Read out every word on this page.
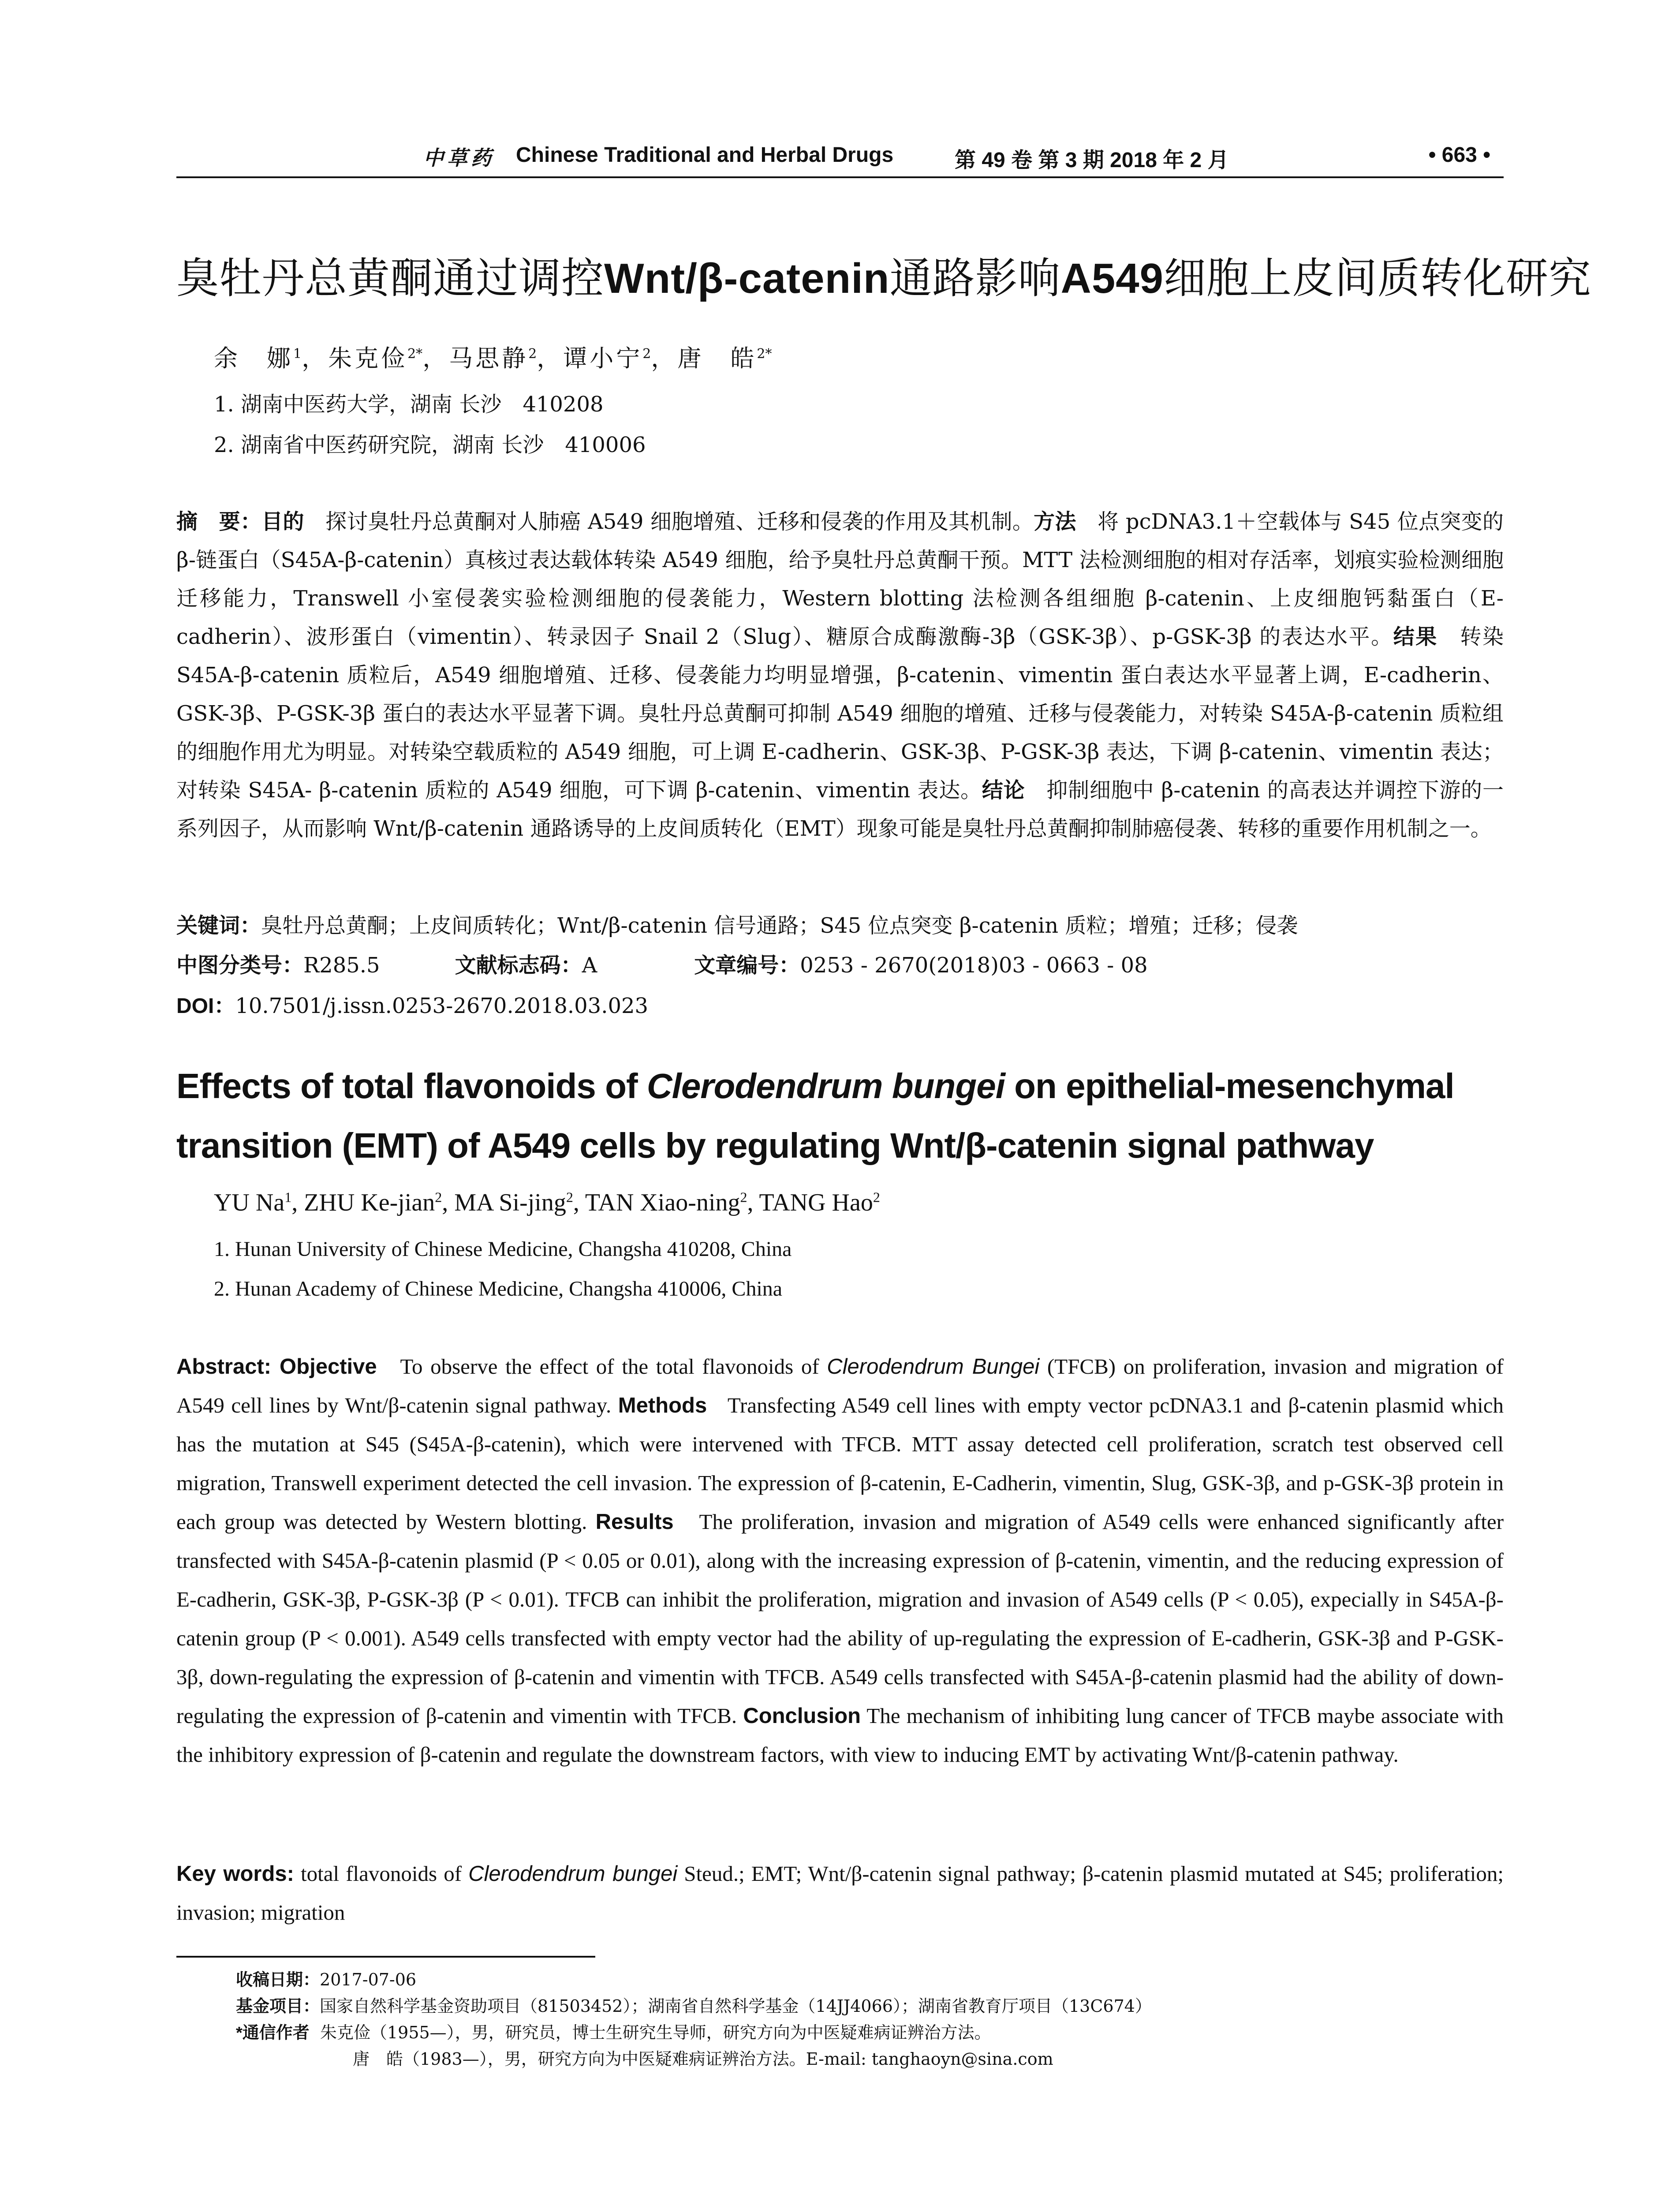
中草药 Chinese Traditional and Herbal Drugs	第 49 卷 第 3 期 2018 年 2 月	• 663 •
臭牡丹总黄酮通过调控Wnt/β-catenin通路影响A549细胞上皮间质转化研究
余　娜$^1$，朱克俭$^{2*}$，马思静$^2$，谭小宁$^2$，唐　皓$^{2*}$
1. 湖南中医药大学，湖南 长沙　410208
2. 湖南省中医药研究院，湖南 长沙　410006
摘　要：目的　 探讨臭牡丹总黄酮对人肺癌 A549 细胞增殖、迁移和侵袭的作用及其机制。方法　 将 pcDNA3.1＋空载体与 S45 位点突变的 β-链蛋白（S45A-β-catenin）真核过表达载体转染 A549 细胞，给予臭牡丹总黄酮干预。MTT 法检测细胞的相对存活率，划痕实验检测细胞迁移能力，Transwell 小室侵袭实验检测细胞的侵袭能力，Western blotting 法检测各组细胞 β-catenin、上皮细胞钙黏蛋白（E-cadherin）、波形蛋白（vimentin）、转录因子 Snail 2（Slug）、糖原合成酶激酶-3β（GSK-3β）、p-GSK-3β 的表达水平。结果　 转染 S45A-β-catenin 质粒后，A549 细胞增殖、迁移、侵袭能力均明显增强，β-catenin、vimentin 蛋白表达水平显著上调，E-cadherin、GSK-3β、P-GSK-3β 蛋白的表达水平显著下调。臭牡丹总黄酮可抑制 A549 细胞的增殖、迁移与侵袭能力，对转染 S45A-β-catenin 质粒组的细胞作用尤为明显。对转染空载质粒的 A549 细胞，可上调 E-cadherin、GSK-3β、P-GSK-3β 表达，下调 β-catenin、vimentin 表达；对转染 S45A- β-catenin 质粒的 A549 细胞，可下调 β-catenin、vimentin 表达。结论　 抑制细胞中 β-catenin 的高表达并调控下游的一系列因子，从而影响 Wnt/β-catenin 通路诱导的上皮间质转化（EMT）现象可能是臭牡丹总黄酮抑制肺癌侵袭、转移的重要作用机制之一。
关键词：臭牡丹总黄酮；上皮间质转化；Wnt/β-catenin 信号通路；S45 位点突变 β-catenin 质粒；增殖；迁移；侵袭
中图分类号：R285.5	文献标志码：A	文章编号：0253 - 2670(2018)03 - 0663 - 08
DOI：10.7501/j.issn.0253-2670.2018.03.023
Effects of total flavonoids of Clerodendrum bungei on epithelial-mesenchymal transition (EMT) of A549 cells by regulating Wnt/β-catenin signal pathway
YU Na$^1$, ZHU Ke-jian$^2$, MA Si-jing$^2$, TAN Xiao-ning$^2$, TANG Hao$^2$
1. Hunan University of Chinese Medicine, Changsha 410208, China
2. Hunan Academy of Chinese Medicine, Changsha 410006, China
Abstract: Objective To observe the effect of the total flavonoids of Clerodendrum Bungei (TFCB) on proliferation, invasion and migration of A549 cell lines by Wnt/β-catenin signal pathway. Methods Transfecting A549 cell lines with empty vector pcDNA3.1 and β-catenin plasmid which has the mutation at S45 (S45A-β-catenin), which were intervened with TFCB. MTT assay detected cell proliferation, scratch test observed cell migration, Transwell experiment detected the cell invasion. The expression of β-catenin, E-Cadherin, vimentin, Slug, GSK-3β, and p-GSK-3β protein in each group was detected by Western blotting. Results The proliferation, invasion and migration of A549 cells were enhanced significantly after transfected with S45A-β-catenin plasmid (P < 0.05 or 0.01), along with the increasing expression of β-catenin, vimentin, and the reducing expression of E-cadherin, GSK-3β, P-GSK-3β (P < 0.01). TFCB can inhibit the proliferation, migration and invasion of A549 cells (P < 0.05), expecially in S45A-β-catenin group (P < 0.001). A549 cells transfected with empty vector had the ability of up-regulating the expression of E-cadherin, GSK-3β and P-GSK-3β, down-regulating the expression of β-catenin and vimentin with TFCB. A549 cells transfected with S45A-β-catenin plasmid had the ability of down-regulating the expression of β-catenin and vimentin with TFCB. Conclusion The mechanism of inhibiting lung cancer of TFCB maybe associate with the inhibitory expression of β-catenin and regulate the downstream factors, with view to inducing EMT by activating Wnt/β-catenin pathway.
Key words: total flavonoids of Clerodendrum bungei Steud.; EMT; Wnt/β-catenin signal pathway; β-catenin plasmid mutated at S45; proliferation; invasion; migration
收稿日期：2017-07-06
基金项目：国家自然科学基金资助项目（81503452）；湖南省自然科学基金（14JJ4066）；湖南省教育厅项目（13C674）
*通信作者 朱克俭（1955—），男，研究员，博士生研究生导师，研究方向为中医疑难病证辨治方法。
唐　皓（1983—），男，研究方向为中医疑难病证辨治方法。E-mail: tanghaoyn@sina.com
